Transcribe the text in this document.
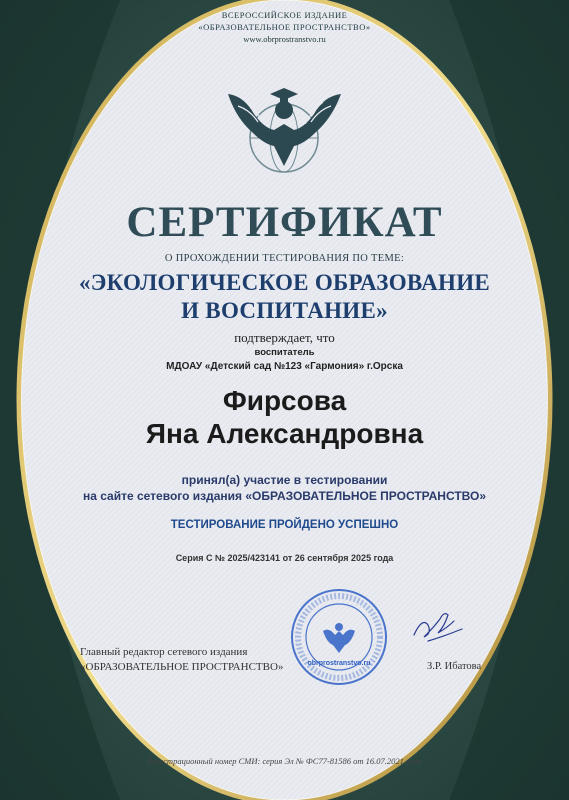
ВСЕРОССИЙСКОЕ ИЗДАНИЕ
«ОБРАЗОВАТЕЛЬНОЕ ПРОСТРАНСТВО»
www.obrprostranstvo.ru
СЕРТИФИКАТ
О ПРОХОЖДЕНИИ ТЕСТИРОВАНИЯ ПО ТЕМЕ:
«ЭКОЛОГИЧЕСКОЕ ОБРАЗОВАНИЕ
И ВОСПИТАНИЕ»
подтверждает, что
воспитатель
МДОАУ «Детский сад №123 «Гармония» г.Орска
Фирсова
Яна Александровна
принял(а) участие в тестировании
на сайте сетевого издания «ОБРАЗОВАТЕЛЬНОЕ ПРОСТРАНСТВО»
ТЕСТИРОВАНИЕ ПРОЙДЕНО УСПЕШНО
Серия С № 2025/423141 от 26 сентября 2025 года
obrprostranstvo.ru
Главный редактор сетевого издания
«ОБРАЗОВАТЕЛЬНОЕ ПРОСТРАНСТВО»	З.Р. Ибатова
Регистрационный номер СМИ: серия Эл № ФС77-81586 от 16.07.2021 года
